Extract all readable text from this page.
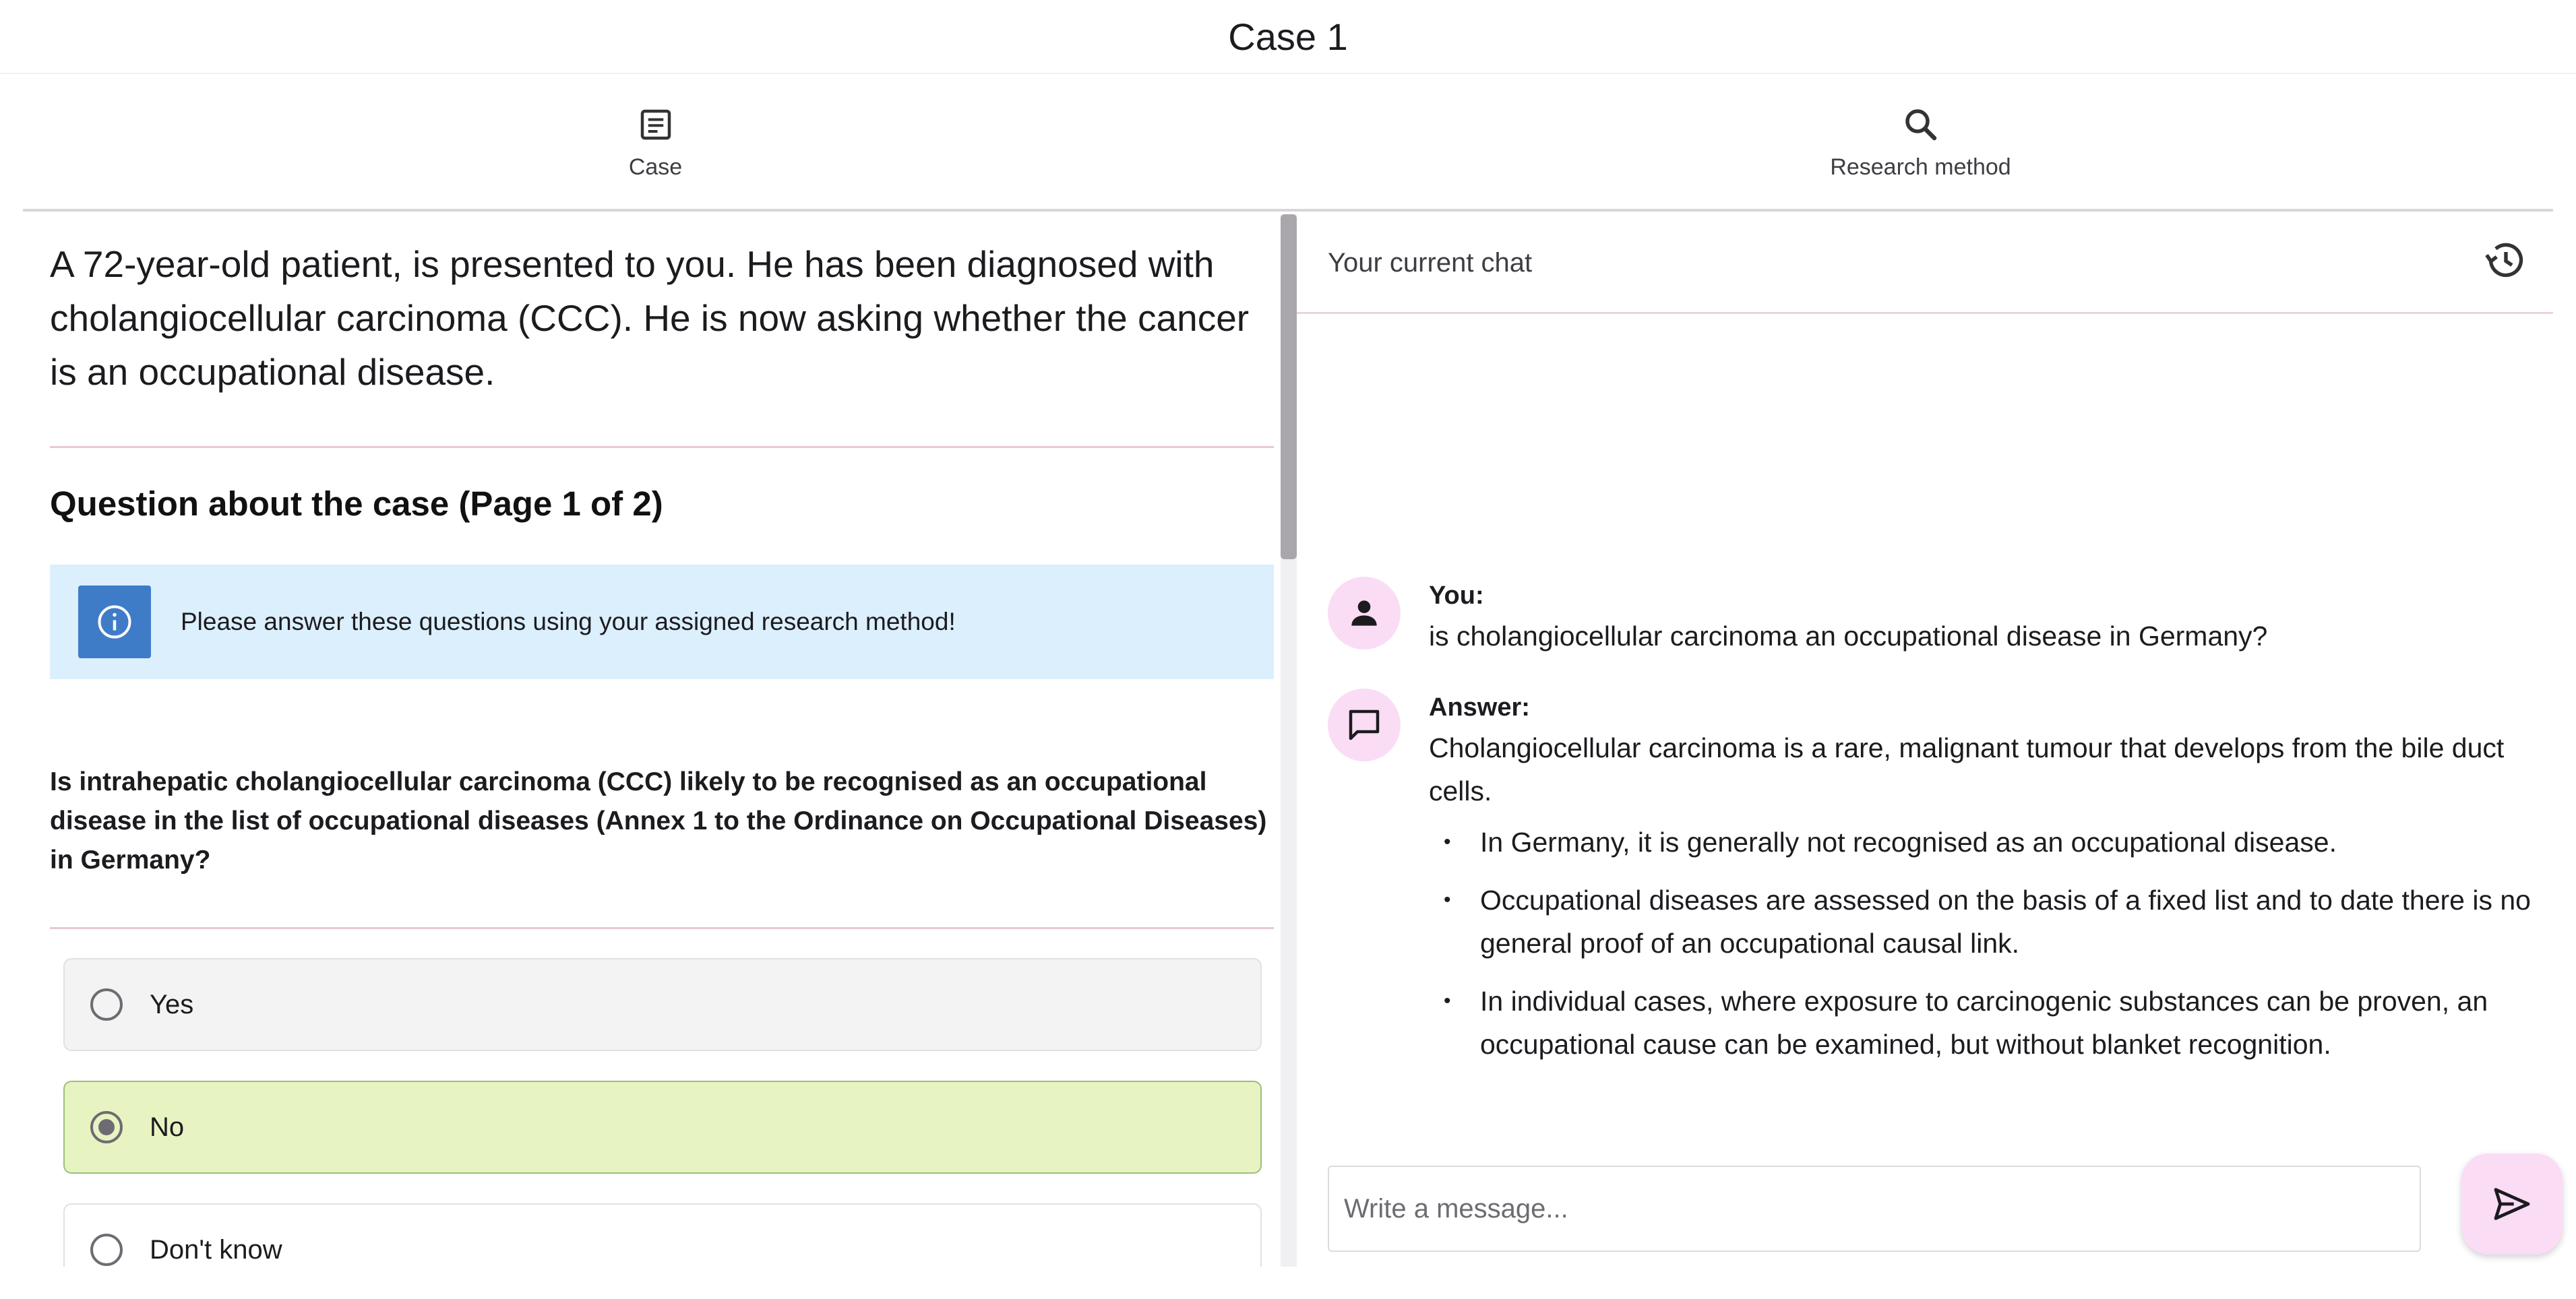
Case 1
Case	Research method

A 72-year-old patient, is presented to you. He has been diagnosed with cholangiocellular carcinoma (CCC). He is now asking whether the cancer is an occupational disease.

Question about the case (Page 1 of 2)
Please answer these questions using your assigned research method!

Is intrahepatic cholangiocellular carcinoma (CCC) likely to be recognised as an occupational disease in the list of occupational diseases (Annex 1 to the Ordinance on Occupational Diseases) in Germany?

Yes
No
Don't know
Your current chat
You:
is cholangiocellular carcinoma an occupational disease in Germany?
Answer:
Cholangiocellular carcinoma is a rare, malignant tumour that develops from the bile duct cells.
• In Germany, it is generally not recognised as an occupational disease.
• Occupational diseases are assessed on the basis of a fixed list and to date there is no general proof of an occupational causal link.
• In individual cases, where exposure to carcinogenic substances can be proven, an occupational cause can be examined, but without blanket recognition.
Write a message...
